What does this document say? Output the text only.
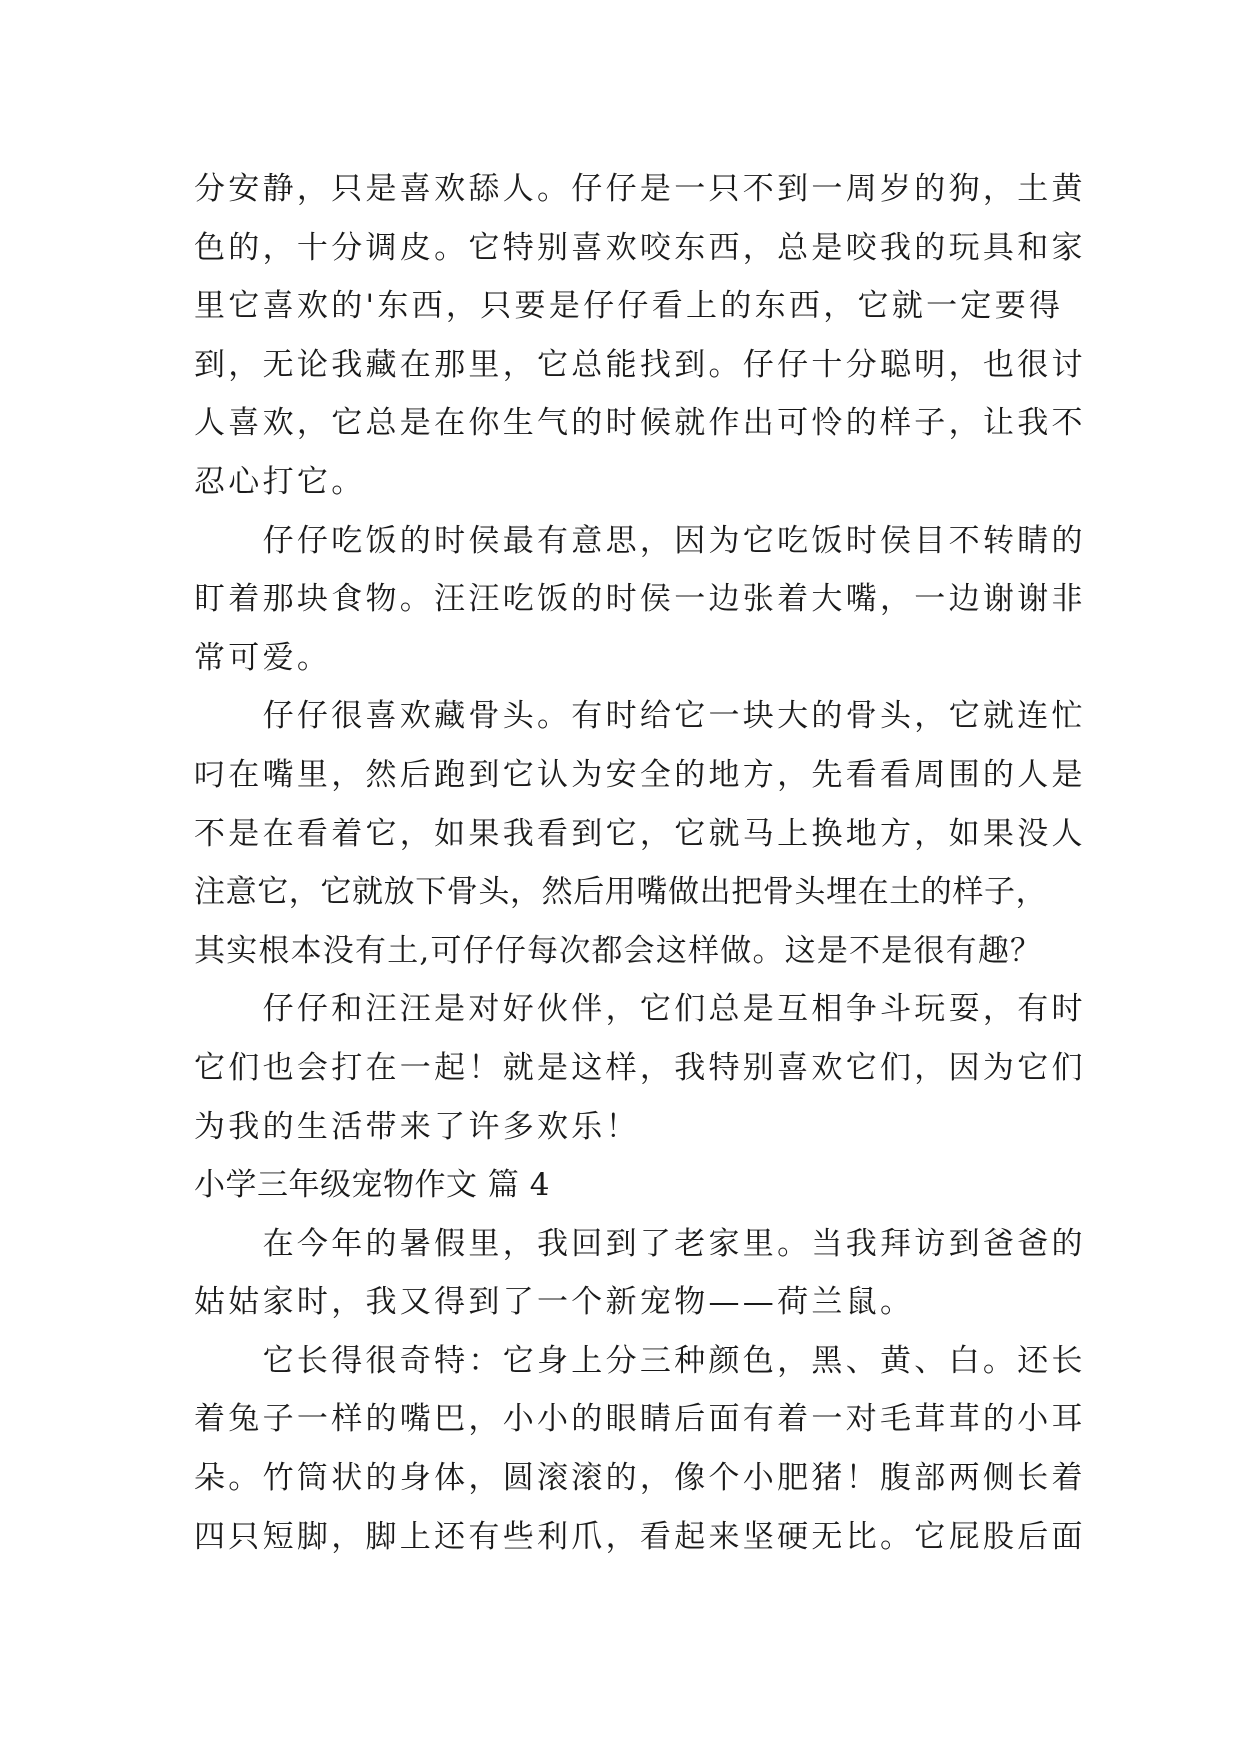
分安静，只是喜欢舔人。仔仔是一只不到一周岁的狗，土黄
色的，十分调皮。它特别喜欢咬东西，总是咬我的玩具和家
里它喜欢的'东西，只要是仔仔看上的东西，它就一定要得
到，无论我藏在那里，它总能找到。仔仔十分聪明，也很讨
人喜欢，它总是在你生气的时候就作出可怜的样子，让我不
忍心打它。
　　仔仔吃饭的时侯最有意思，因为它吃饭时侯目不转睛的
盯着那块食物。汪汪吃饭的时侯一边张着大嘴，一边谢谢非
常可爱。
　　仔仔很喜欢藏骨头。有时给它一块大的骨头，它就连忙
叼在嘴里，然后跑到它认为安全的地方，先看看周围的人是
不是在看着它，如果我看到它，它就马上换地方，如果没人
注意它，它就放下骨头，然后用嘴做出把骨头埋在土的样子，
其实根本没有土,可仔仔每次都会这样做。这是不是很有趣？
　　仔仔和汪汪是对好伙伴，它们总是互相争斗玩耍，有时
它们也会打在一起！就是这样，我特别喜欢它们，因为它们
为我的生活带来了许多欢乐！
小学三年级宠物作文 篇 4
　　在今年的暑假里，我回到了老家里。当我拜访到爸爸的
姑姑家时，我又得到了一个新宠物——荷兰鼠。
　　它长得很奇特：它身上分三种颜色，黑、黄、白。还长
着兔子一样的嘴巴，小小的眼睛后面有着一对毛茸茸的小耳
朵。竹筒状的身体，圆滚滚的，像个小肥猪！腹部两侧长着
四只短脚，脚上还有些利爪，看起来坚硬无比。它屁股后面
